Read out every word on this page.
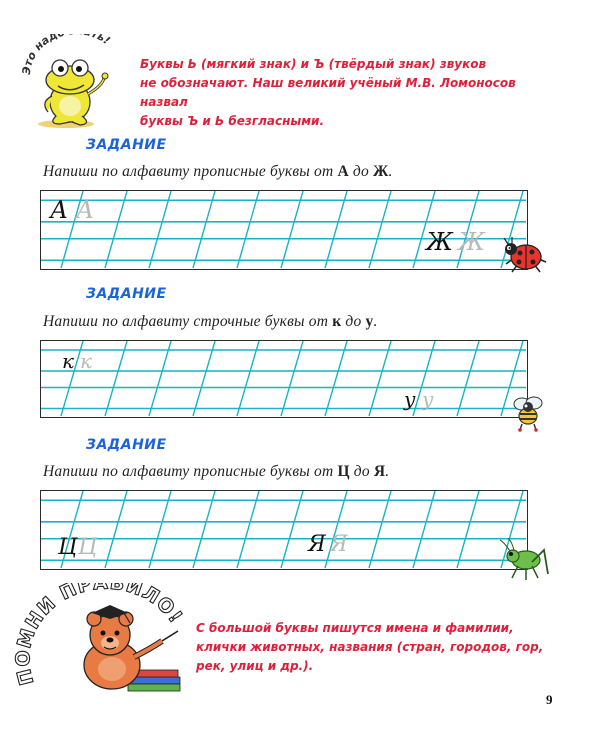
Это над ть!
Буквы Ь (мягкий знак) и Ъ (твёрдый знак) звуков
не обозначают. Наш великий учёный М.В. Ломоносов назвал
буквы Ъ и Ь безгласными.
ЗАДАНИЕ
Напиши по алфавиту прописные буквы от А до Ж.
А А
Ж Ж
ЗАДАНИЕ
Напиши по алфавиту строчные буквы от к до у.
к к
у у
ЗАДАНИЕ
Напиши по алфавиту прописные буквы от Ц до Я.
Ц Ц	Я Я
ПОМНИ ПР ВИЛО!
С большой буквы пишутся имена и фамилии,
клички животных, названия (стран, городов, гор,
рек, улиц и др.).
9
